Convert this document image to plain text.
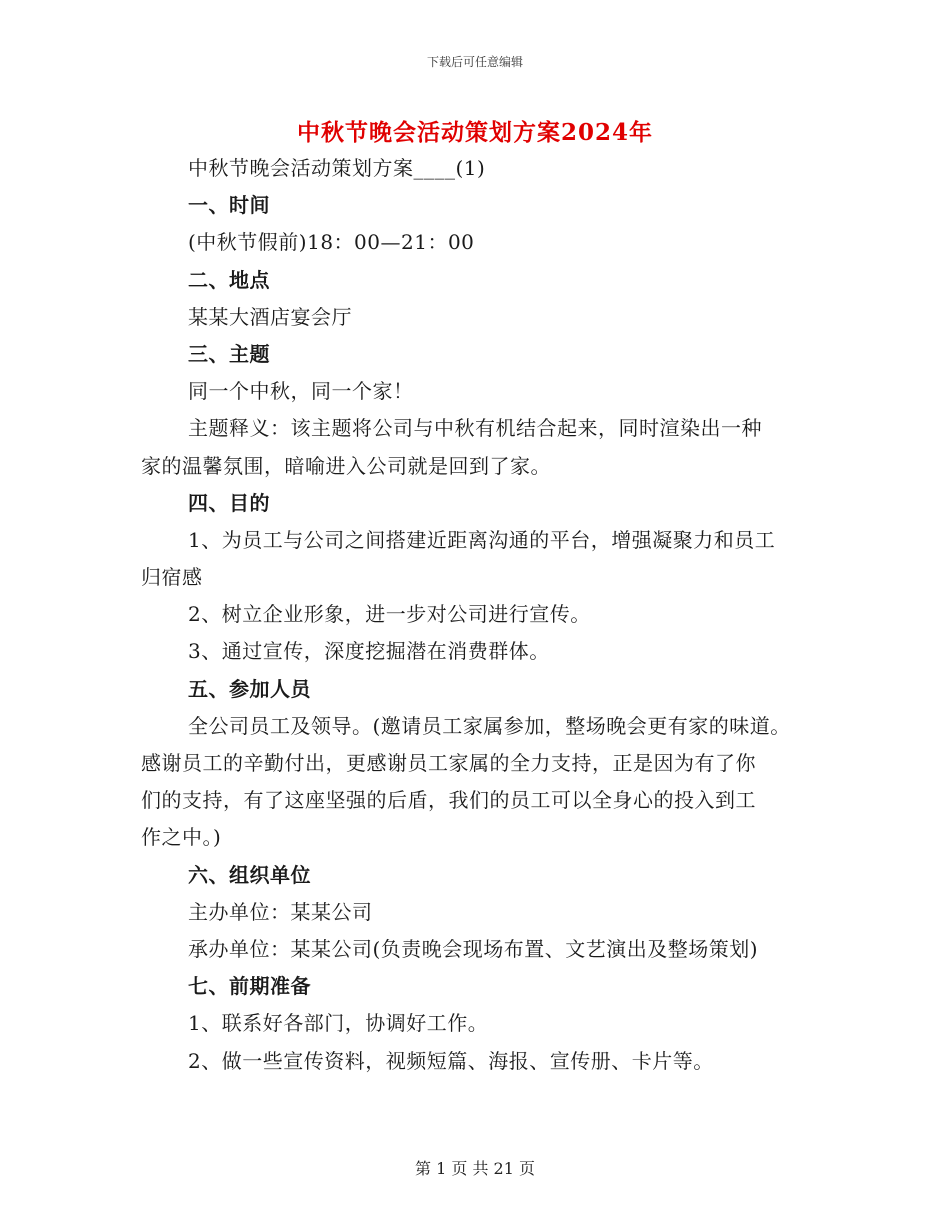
下载后可任意编辑
中秋节晚会活动策划方案2024年
中秋节晚会活动策划方案____(1)
一、时间
(中秋节假前)18：00—21：00
二、地点
某某大酒店宴会厅
三、主题
同一个中秋，同一个家！
主题释义：该主题将公司与中秋有机结合起来，同时渲染出一种
家的温馨氛围，暗喻进入公司就是回到了家。
四、目的
1、为员工与公司之间搭建近距离沟通的平台，增强凝聚力和员工
归宿感
2、树立企业形象，进一步对公司进行宣传。
3、通过宣传，深度挖掘潜在消费群体。
五、参加人员
全公司员工及领导。(邀请员工家属参加，整场晚会更有家的味道。
感谢员工的辛勤付出，更感谢员工家属的全力支持，正是因为有了你
们的支持，有了这座坚强的后盾，我们的员工可以全身心的投入到工
作之中。)
六、组织单位
主办单位：某某公司
承办单位：某某公司(负责晚会现场布置、文艺演出及整场策划)
七、前期准备
1、联系好各部门，协调好工作。
2、做一些宣传资料，视频短篇、海报、宣传册、卡片等。
第 1 页 共 21 页
